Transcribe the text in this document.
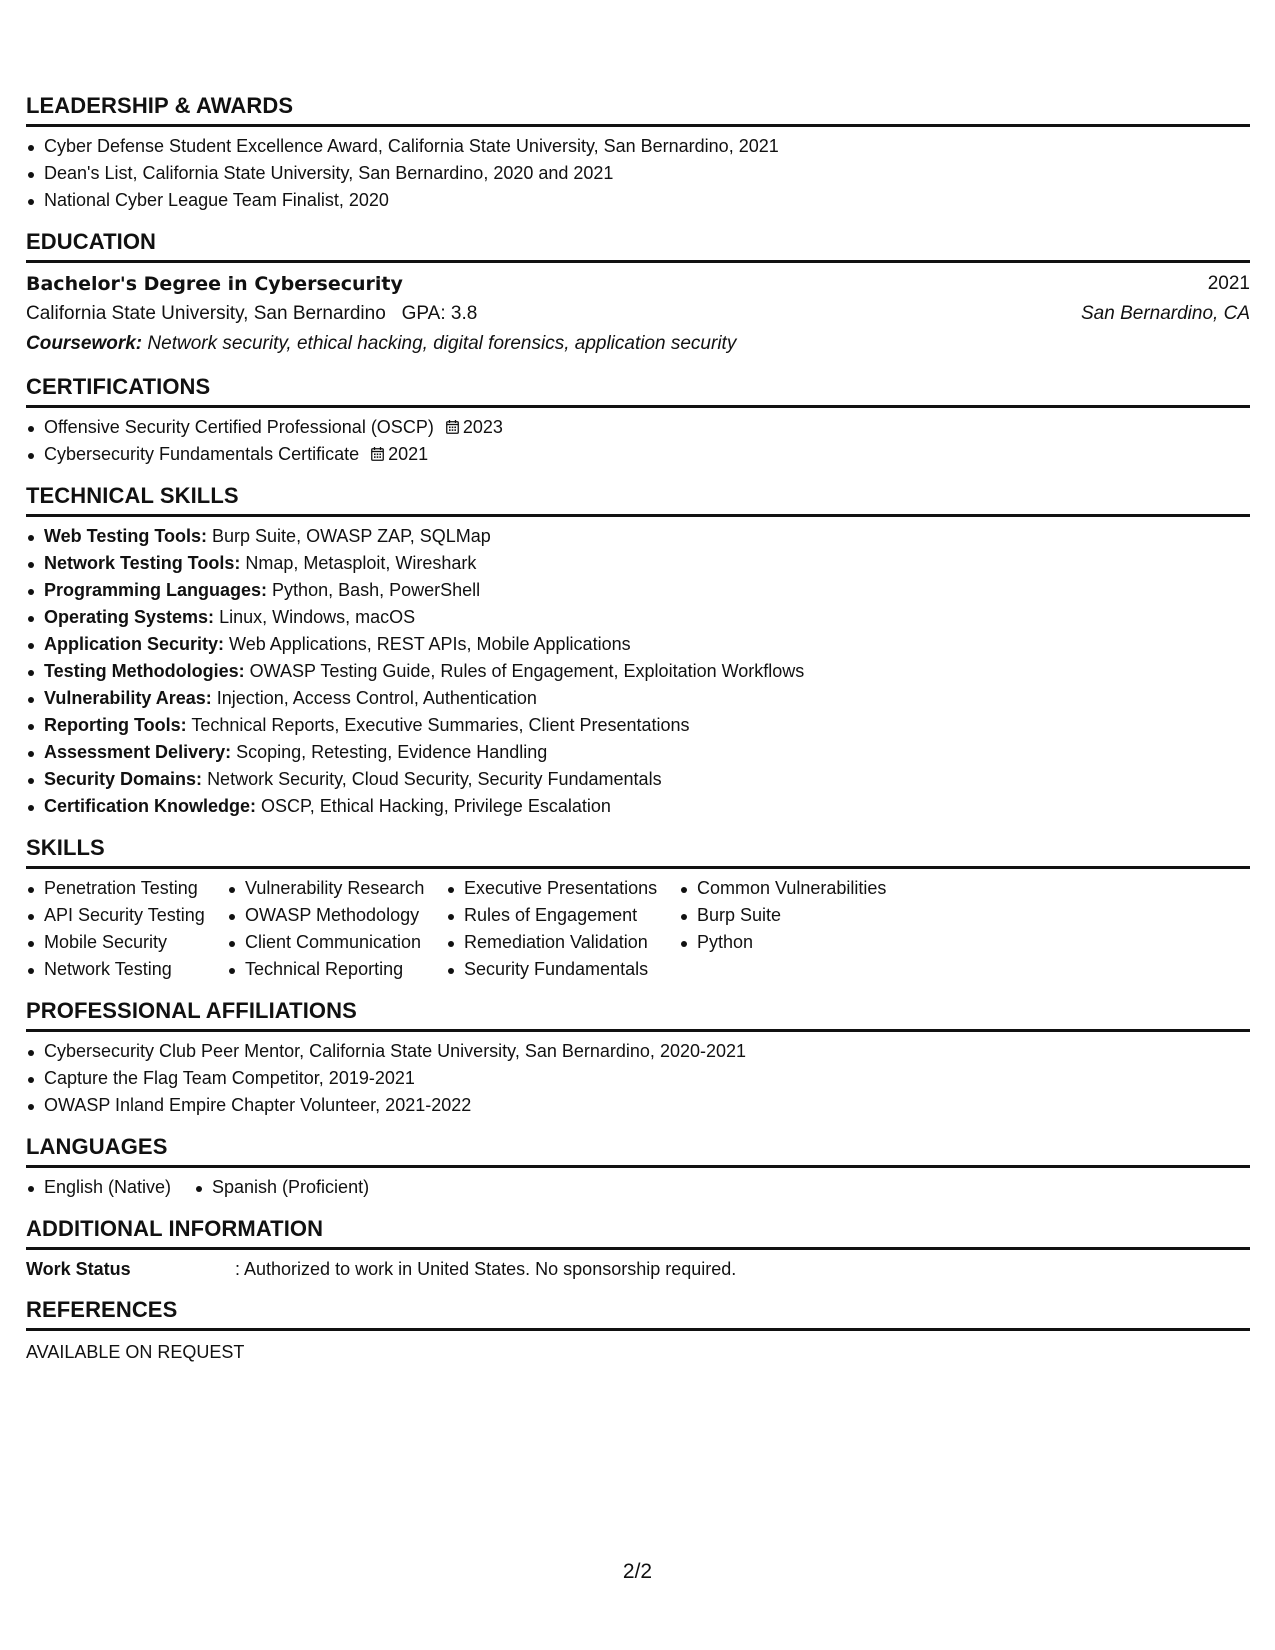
LEADERSHIP & AWARDS
Cyber Defense Student Excellence Award, California State University, San Bernardino, 2021
Dean's List, California State University, San Bernardino, 2020 and 2021
National Cyber League Team Finalist, 2020
EDUCATION
Bachelor's Degree in Cybersecurity	2021
California State University, San Bernardino GPA: 3.8	San Bernardino, CA
Coursework: Network security, ethical hacking, digital forensics, application security
CERTIFICATIONS
Offensive Security Certified Professional (OSCP) 2023
Cybersecurity Fundamentals Certificate 2021
TECHNICAL SKILLS
Web Testing Tools: Burp Suite, OWASP ZAP, SQLMap
Network Testing Tools: Nmap, Metasploit, Wireshark
Programming Languages: Python, Bash, PowerShell
Operating Systems: Linux, Windows, macOS
Application Security: Web Applications, REST APIs, Mobile Applications
Testing Methodologies: OWASP Testing Guide, Rules of Engagement, Exploitation Workflows
Vulnerability Areas: Injection, Access Control, Authentication
Reporting Tools: Technical Reports, Executive Summaries, Client Presentations
Assessment Delivery: Scoping, Retesting, Evidence Handling
Security Domains: Network Security, Cloud Security, Security Fundamentals
Certification Knowledge: OSCP, Ethical Hacking, Privilege Escalation
SKILLS
Penetration Testing
API Security Testing
Mobile Security
Network Testing
Vulnerability Research
OWASP Methodology
Client Communication
Technical Reporting
Executive Presentations
Rules of Engagement
Remediation Validation
Security Fundamentals
Common Vulnerabilities
Burp Suite
Python
PROFESSIONAL AFFILIATIONS
Cybersecurity Club Peer Mentor, California State University, San Bernardino, 2020-2021
Capture the Flag Team Competitor, 2019-2021
OWASP Inland Empire Chapter Volunteer, 2021-2022
LANGUAGES
English (Native)	Spanish (Proficient)
ADDITIONAL INFORMATION
Work Status	: Authorized to work in United States. No sponsorship required.
REFERENCES
AVAILABLE ON REQUEST
2/2
